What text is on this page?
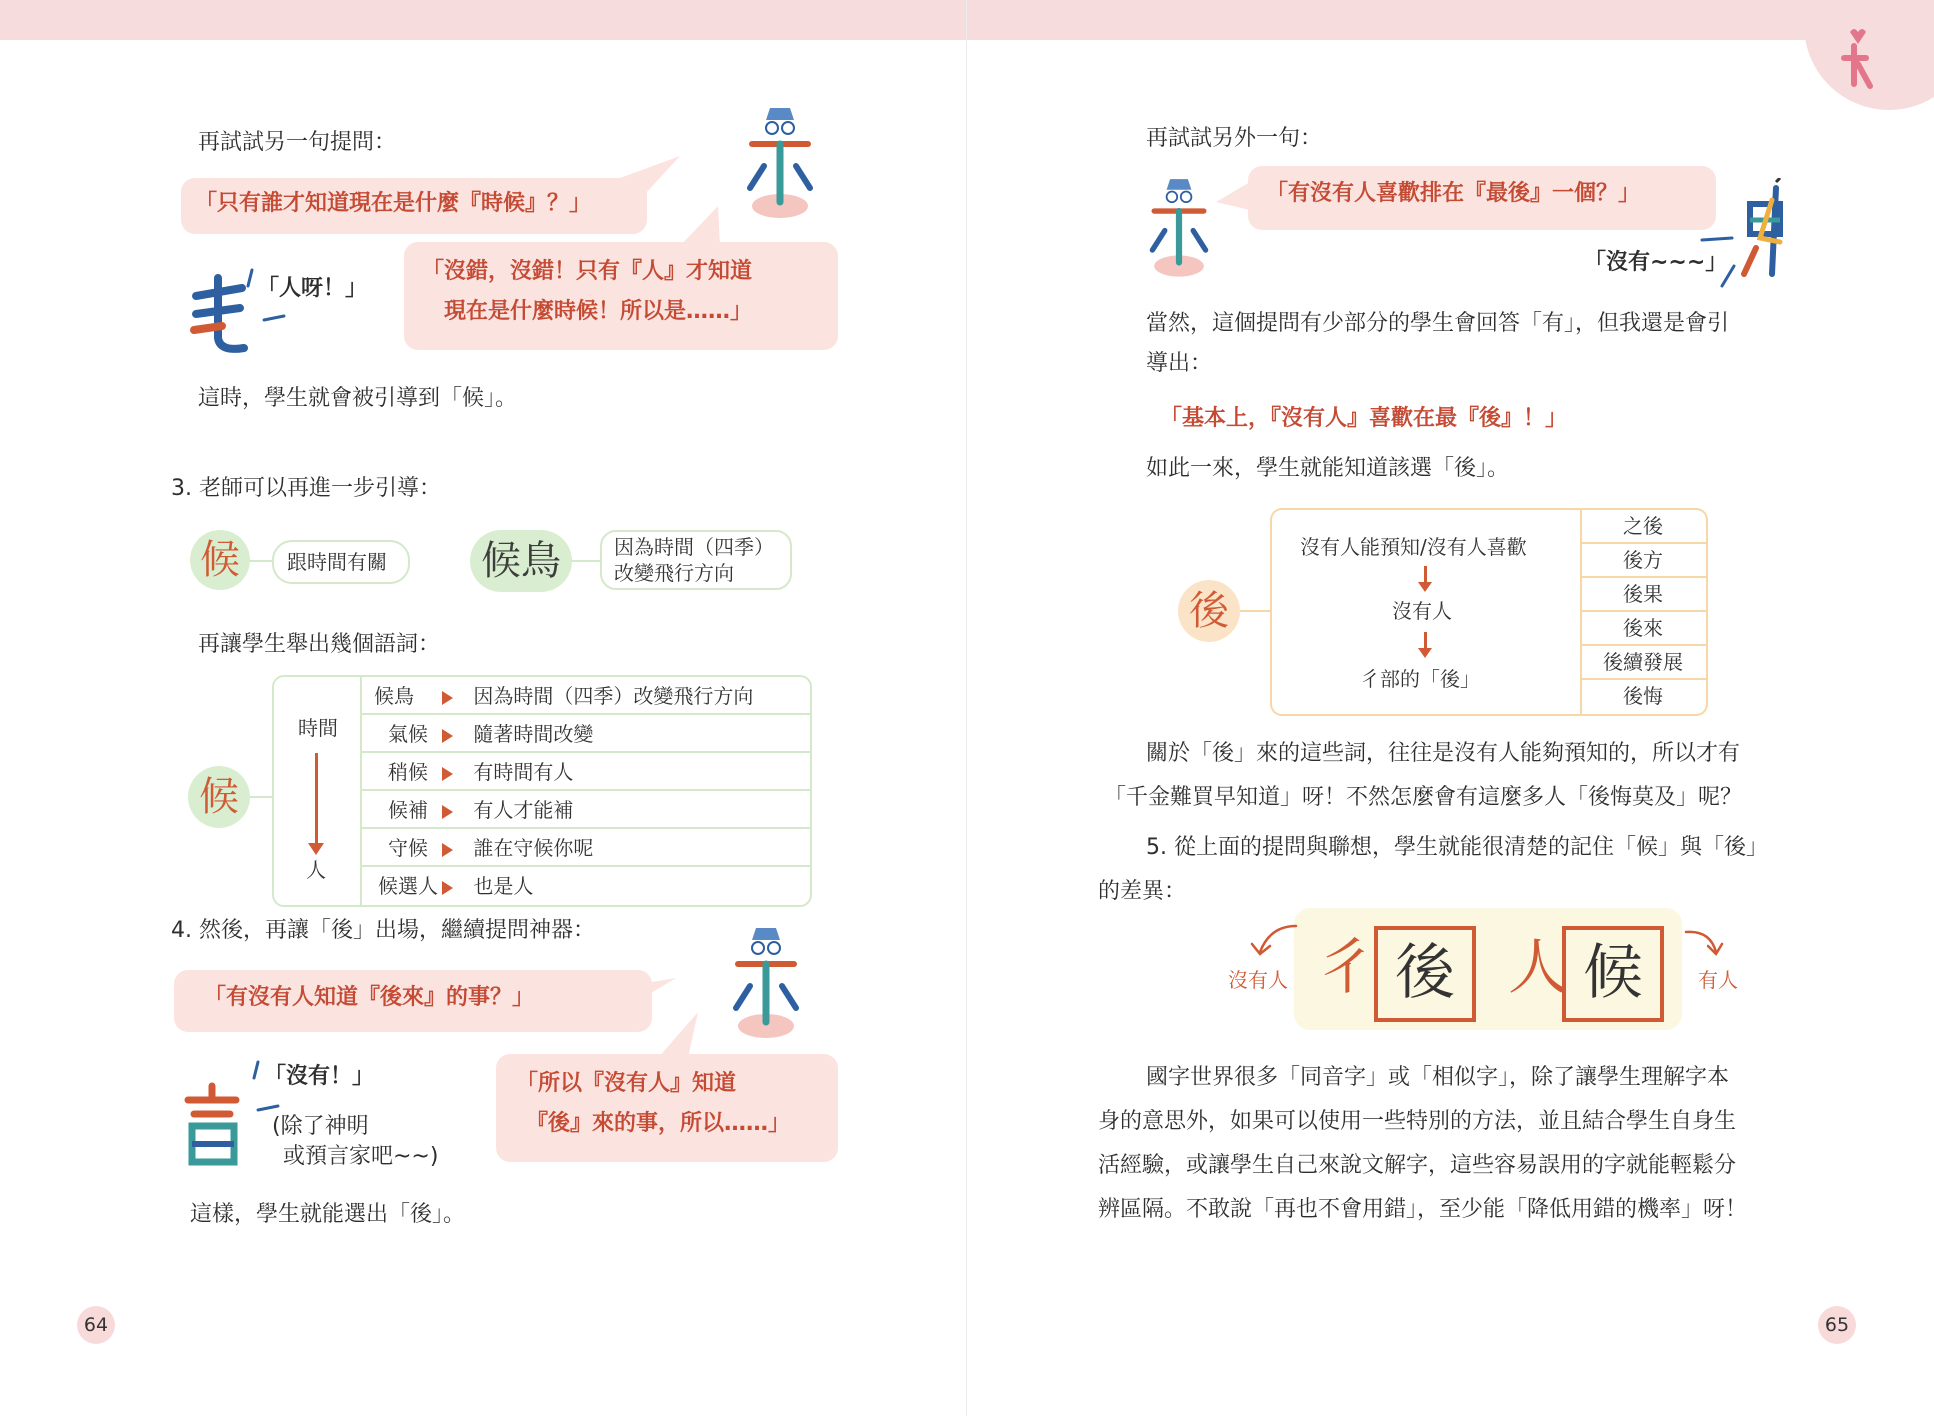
再試試另一句提問：
「只有誰才知道現在是什麼『時候』？」
「人呀！」
「沒錯，沒錯！只有『人』才知道
現在是什麼時候！所以是……」
這時，學生就會被引導到「候」。
3. 老師可以再進一步引導：
候	跟時間有關 候鳥	因為時間（四季）
改變飛行方向
再讓學生舉出幾個語詞：
候
時間
人
候鳥	因為時間（四季）改變飛行方向
氣候 隨著時間改變
稍候 有時間有人
候補 有人才能補
守候 誰在守候你呢
候選人 也是人
4. 然後，再讓「後」出場，繼續提問神器：
「有沒有人知道『後來』的事？」
「沒有！」
(除了神明
或預言家吧~~)
「所以『沒有人』知道
『後』來的事，所以……」
這樣，學生就能選出「後」。
64
再試試另外一句：
「有沒有人喜歡排在『最後』一個？」
「沒有~~~」
當然，這個提問有少部分的學生會回答「有」，但我還是會引
導出：
「基本上，『沒有人』喜歡在最『後』！」
如此一來，學生就能知道該選「後」。
後
沒有人能預知/沒有人喜歡
沒有人
彳部的「後」
之後
後方
後果
後來
後續發展
後悔
關於「後」來的這些詞，往往是沒有人能夠預知的，所以才有
「千金難買早知道」呀！不然怎麼會有這麼多人「後悔莫及」呢？
5. 從上面的提問與聯想，學生就能很清楚的記住「候」與「後」
的差異：
沒有人 彳 後 人 候	有人
國字世界很多「同音字」或「相似字」，除了讓學生理解字本
身的意思外，如果可以使用一些特別的方法，並且結合學生自身生
活經驗，或讓學生自己來說文解字，這些容易誤用的字就能輕鬆分
辨區隔。不敢說「再也不會用錯」，至少能「降低用錯的機率」呀！
65
